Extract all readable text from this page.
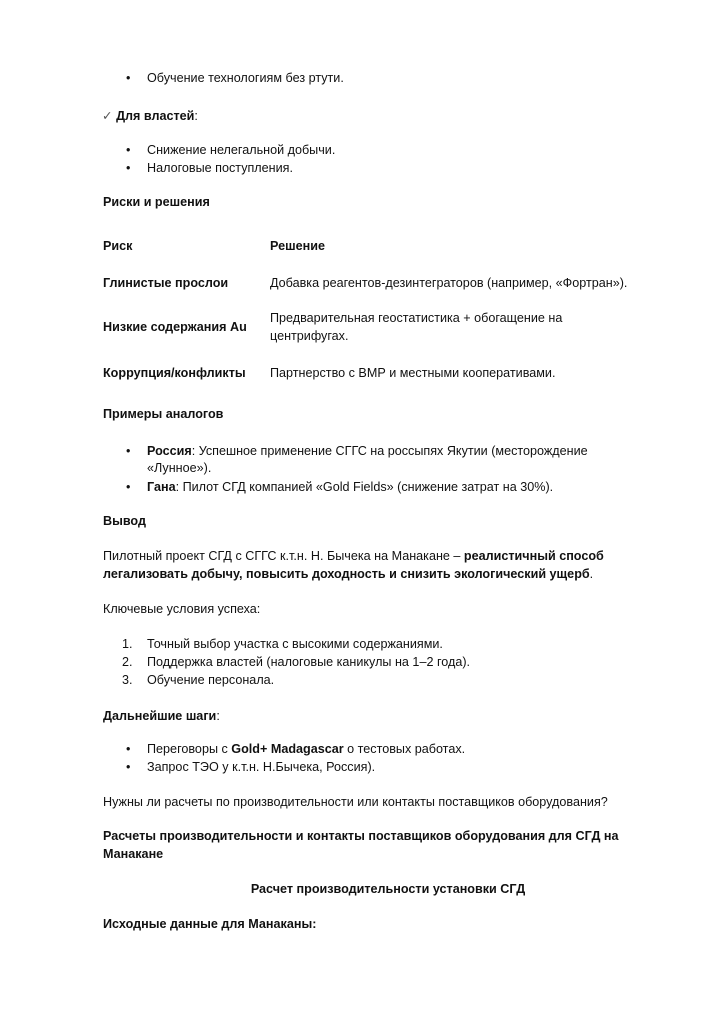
• Обучение технологиям без ртути.
✓ Для властей:
• Снижение нелегальной добычи.
• Налоговые поступления.
Риски и решения
Риск	Решение
Глинистые прослои	Добавка реагентов-дезинтеграторов (например, «Фортран»).
Низкие содержания Au
Предварительная геостатистика + обогащение на
центрифугах.
Коррупция/конфликты Партнерство с ВМР и местными кооперативами.
Примеры аналогов
• Россия: Успешное применение СГГС на россыпях Якутии (месторождение
«Лунное»).
• Гана: Пилот СГД компанией «Gold Fields» (снижение затрат на 30%).
Вывод
Пилотный проект СГД с СГГС к.т.н. Н. Бычека на Манакане – реалистичный способ
легализовать добычу, повысить доходность и снизить экологический ущерб.
Ключевые условия успеха:
1. Точный выбор участка с высокими содержаниями.
2. Поддержка властей (налоговые каникулы на 1–2 года).
3. Обучение персонала.
Дальнейшие шаги:
• Переговоры с Gold+ Madagascar о тестовых работах.
• Запрос ТЭО у к.т.н. Н.Бычека, Россия).
Нужны ли расчеты по производительности или контакты поставщиков оборудования?
Расчеты производительности и контакты поставщиков оборудования для СГД на
Манакане
Расчет производительности установки СГД
Исходные данные для Манаканы:
